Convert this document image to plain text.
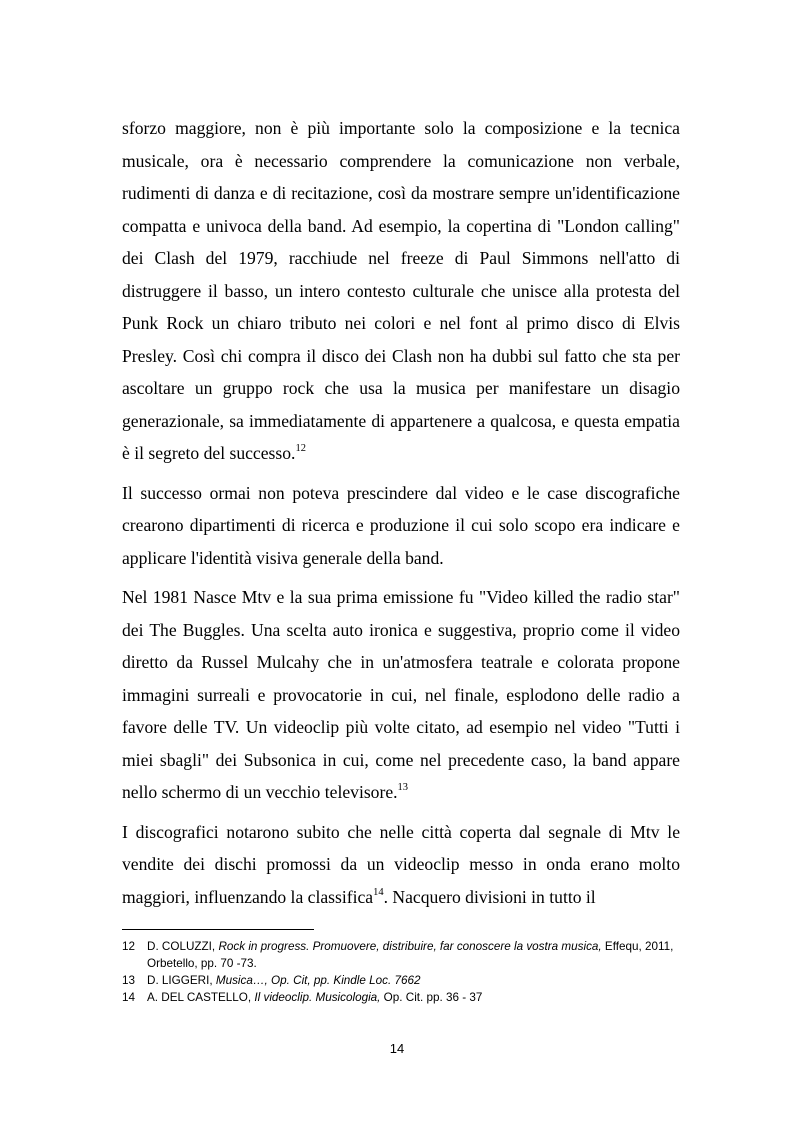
sforzo maggiore, non è più importante solo la composizione e la tecnica musicale, ora è necessario comprendere la comunicazione non verbale, rudimenti di danza e di recitazione, così da mostrare sempre un'identificazione compatta e univoca della band. Ad esempio, la copertina di "London calling" dei Clash del 1979, racchiude nel freeze di Paul Simmons nell'atto di distruggere il basso, un intero contesto culturale che unisce alla protesta del Punk Rock un chiaro tributo nei colori e nel font al primo disco di Elvis Presley. Così chi compra il disco dei Clash non ha dubbi sul fatto che sta per ascoltare un gruppo rock che usa la musica per manifestare un disagio generazionale, sa immediatamente di appartenere a qualcosa, e questa empatia è il segreto del successo.$^{12}$

Il successo ormai non poteva prescindere dal video e le case discografiche crearono dipartimenti di ricerca e produzione il cui solo scopo era indicare e applicare l'identità visiva generale della band.

Nel 1981 Nasce Mtv e la sua prima emissione fu "Video killed the radio star" dei The Buggles. Una scelta auto ironica e suggestiva, proprio come il video diretto da Russel Mulcahy che in un'atmosfera teatrale e colorata propone immagini surreali e provocatorie in cui, nel finale, esplodono delle radio a favore delle TV. Un videoclip più volte citato, ad esempio nel video "Tutti i miei sbagli" dei Subsonica in cui, come nel precedente caso, la band appare nello schermo di un vecchio televisore.$^{13}$

I discografici notarono subito che nelle città coperta dal segnale di Mtv le vendite dei dischi promossi da un videoclip messo in onda erano molto maggiori, influenzando la classifica$^{14}$. Nacquero divisioni in tutto il

12 D. COLUZZI, Rock in progress. Promuovere, distribuire, far conoscere la vostra musica, Effequ, 2011, Orbetello, pp. 70 -73.

13 D. LIGGERI, Musica…, Op. Cit, pp. Kindle Loc. 7662

14 A. DEL CASTELLO, Il videoclip. Musicologia, Op. Cit. pp. 36 - 37

14
